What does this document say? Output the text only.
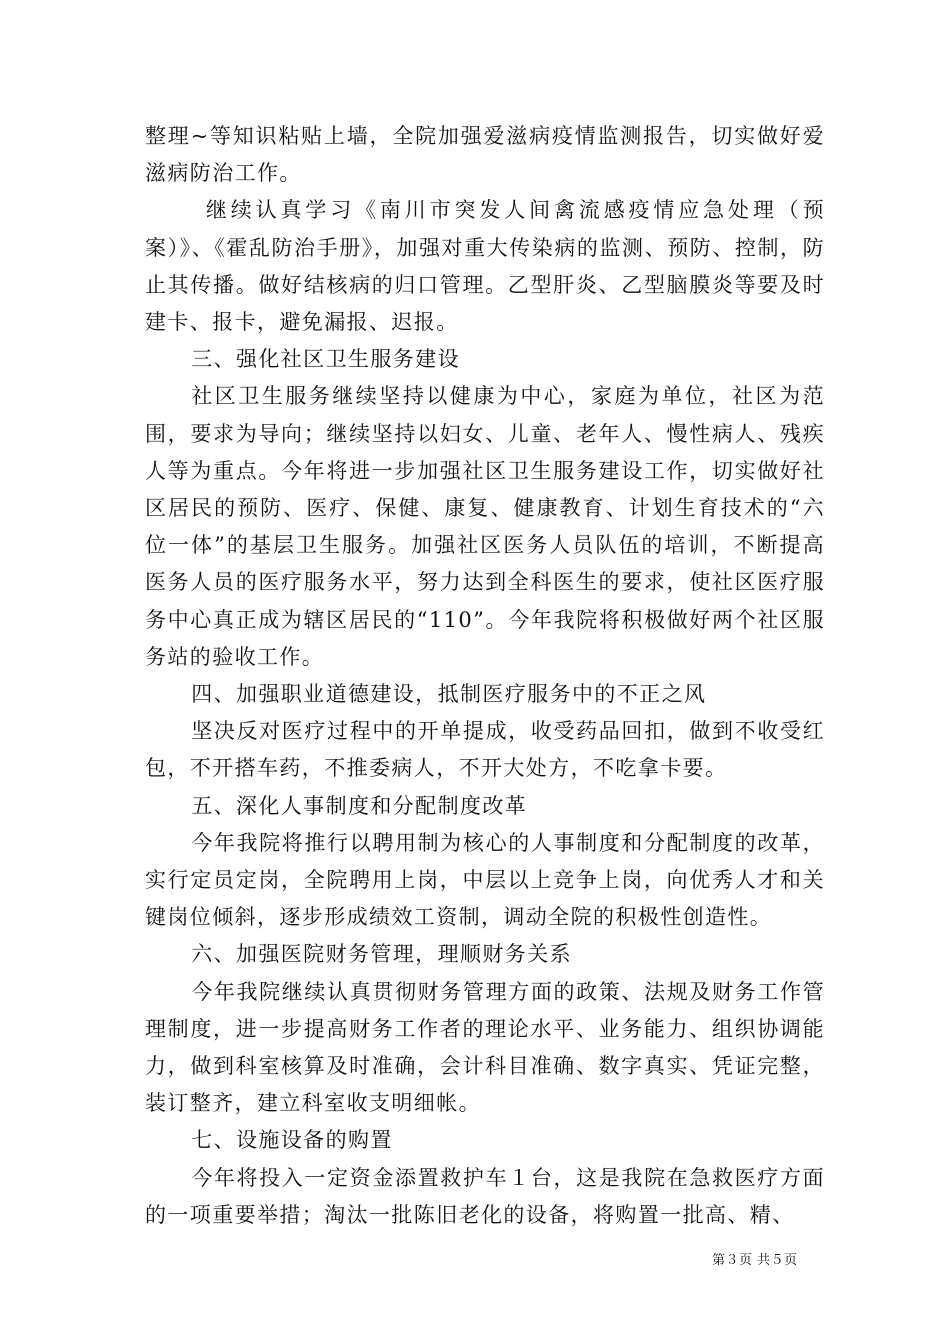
整理~等知识粘贴上墙，全院加强爱滋病疫情监测报告，切实做好爱滋病防治工作。

继续认真学习《南川市突发人间禽流感疫情应急处理（预案）》、《霍乱防治手册》，加强对重大传染病的监测、预防、控制，防止其传播。做好结核病的归口管理。乙型肝炎、乙型脑膜炎等要及时建卡、报卡，避免漏报、迟报。

三、强化社区卫生服务建设

社区卫生服务继续坚持以健康为中心，家庭为单位，社区为范围，要求为导向；继续坚持以妇女、儿童、老年人、慢性病人、残疾人等为重点。今年将进一步加强社区卫生服务建设工作，切实做好社区居民的预防、医疗、保健、康复、健康教育、计划生育技术的“六位一体”的基层卫生服务。加强社区医务人员队伍的培训，不断提高医务人员的医疗服务水平，努力达到全科医生的要求，使社区医疗服务中心真正成为辖区居民的“110”。今年我院将积极做好两个社区服务站的验收工作。

四、加强职业道德建设，抵制医疗服务中的不正之风

坚决反对医疗过程中的开单提成，收受药品回扣，做到不收受红包，不开搭车药，不推委病人，不开大处方，不吃拿卡要。

五、深化人事制度和分配制度改革

今年我院将推行以聘用制为核心的人事制度和分配制度的改革，实行定员定岗，全院聘用上岗，中层以上竞争上岗，向优秀人才和关键岗位倾斜，逐步形成绩效工资制，调动全院的积极性创造性。

六、加强医院财务管理，理顺财务关系

今年我院继续认真贯彻财务管理方面的政策、法规及财务工作管理制度，进一步提高财务工作者的理论水平、业务能力、组织协调能力，做到科室核算及时准确，会计科目准确、数字真实、凭证完整，装订整齐，建立科室收支明细帐。

七、设施设备的购置

今年将投入一定资金添置救护车１台，这是我院在急救医疗方面的一项重要举措；淘汰一批陈旧老化的设备，将购置一批高、精、

第３页 共５页
